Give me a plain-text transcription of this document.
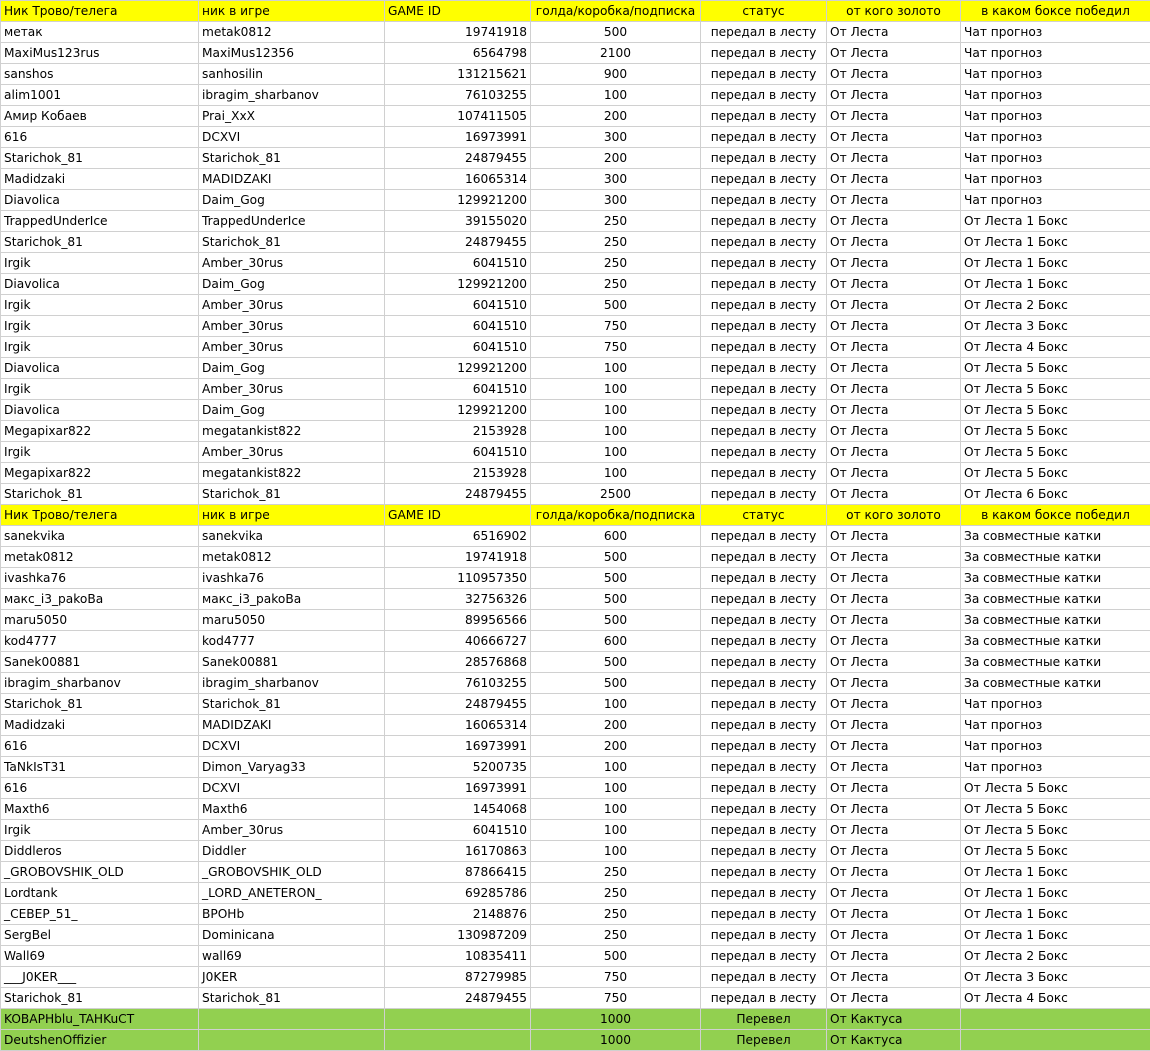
Ник Трово/телега	ник в игре	GAME ID	голда/коробка/подписка	статус	от кого золото	в каком боксе победил
метак	metak0812	19741918	500	передал в лесту	От Леста	Чат прогноз
MaxiMus123rus	MaxiMus12356	6564798	2100	передал в лесту	От Леста	Чат прогноз
sanshos	sanhosilin	131215621	900	передал в лесту	От Леста	Чат прогноз
alim1001	ibragim_sharbanov	76103255	100	передал в лесту	От Леста	Чат прогноз
Амир Кобаев	Prai_XxX	107411505	200	передал в лесту	От Леста	Чат прогноз
616	DCXVI	16973991	300	передал в лесту	От Леста	Чат прогноз
Starichok_81	Starichok_81	24879455	200	передал в лесту	От Леста	Чат прогноз
Madidzaki	MADIDZAKI	16065314	300	передал в лесту	От Леста	Чат прогноз
Diavolica	Daim_Gog	129921200	300	передал в лесту	От Леста	Чат прогноз
TrappedUnderIce	TrappedUnderIce	39155020	250	передал в лесту	От Леста	От Леста 1 Бокс
Starichok_81	Starichok_81	24879455	250	передал в лесту	От Леста	От Леста 1 Бокс
Irgik	Amber_30rus	6041510	250	передал в лесту	От Леста	От Леста 1 Бокс
Diavolica	Daim_Gog	129921200	250	передал в лесту	От Леста	От Леста 1 Бокс
Irgik	Amber_30rus	6041510	500	передал в лесту	От Леста	От Леста 2 Бокс
Irgik	Amber_30rus	6041510	750	передал в лесту	От Леста	От Леста 3 Бокс
Irgik	Amber_30rus	6041510	750	передал в лесту	От Леста	От Леста 4 Бокс
Diavolica	Daim_Gog	129921200	100	передал в лесту	От Леста	От Леста 5 Бокс
Irgik	Amber_30rus	6041510	100	передал в лесту	От Леста	От Леста 5 Бокс
Diavolica	Daim_Gog	129921200	100	передал в лесту	От Леста	От Леста 5 Бокс
Megapixar822	megatankist822	2153928	100	передал в лесту	От Леста	От Леста 5 Бокс
Irgik	Amber_30rus	6041510	100	передал в лесту	От Леста	От Леста 5 Бокс
Megapixar822	megatankist822	2153928	100	передал в лесту	От Леста	От Леста 5 Бокс
Starichok_81	Starichok_81	24879455	2500	передал в лесту	От Леста	От Леста 6 Бокс
Ник Трово/телега	ник в игре	GAME ID	голда/коробка/подписка	статус	от кого золото	в каком боксе победил
sanekvika	sanekvika	6516902	600	передал в лесту	От Леста	За совместные катки
metak0812	metak0812	19741918	500	передал в лесту	От Леста	За совместные катки
ivashka76	ivashka76	110957350	500	передал в лесту	От Леста	За совместные катки
макс_i3_pakoBa	макс_i3_pakoBa	32756326	500	передал в лесту	От Леста	За совместные катки
maru5050	maru5050	89956566	500	передал в лесту	От Леста	За совместные катки
kod4777	kod4777	40666727	600	передал в лесту	От Леста	За совместные катки
Sanek00881	Sanek00881	28576868	500	передал в лесту	От Леста	За совместные катки
ibragim_sharbanov	ibragim_sharbanov	76103255	500	передал в лесту	От Леста	За совместные катки
Starichok_81	Starichok_81	24879455	100	передал в лесту	От Леста	Чат прогноз
Madidzaki	MADIDZAKI	16065314	200	передал в лесту	От Леста	Чат прогноз
616	DCXVI	16973991	200	передал в лесту	От Леста	Чат прогноз
TaNkIsT31	Dimon_Varyag33	5200735	100	передал в лесту	От Леста	Чат прогноз
616	DCXVI	16973991	100	передал в лесту	От Леста	От Леста 5 Бокс
Maxth6	Maxth6	1454068	100	передал в лесту	От Леста	От Леста 5 Бокс
Irgik	Amber_30rus	6041510	100	передал в лесту	От Леста	От Леста 5 Бокс
Diddleros	Diddler	16170863	100	передал в лесту	От Леста	От Леста 5 Бокс
_GROBOVSHIK_OLD	_GROBOVSHIK_OLD	87866415	250	передал в лесту	От Леста	От Леста 1 Бокс
Lordtank	_LORD_ANETERON_	69285786	250	передал в лесту	От Леста	От Леста 1 Бокс
_CEBEP_51_	BPOHb	2148876	250	передал в лесту	От Леста	От Леста 1 Бокс
SergBel	Dominicana	130987209	250	передал в лесту	От Леста	От Леста 1 Бокс
Wall69	wall69	10835411	500	передал в лесту	От Леста	От Леста 2 Бокс
___J0KER___	J0KER	87279985	750	передал в лесту	От Леста	От Леста 3 Бокс
Starichok_81	Starichok_81	24879455	750	передал в лесту	От Леста	От Леста 4 Бокс
KOBAPHblu_TAHKuCT			1000	Перевел	От Кактуса	
DeutshenOffizier			1000	Перевел	От Кактуса	
